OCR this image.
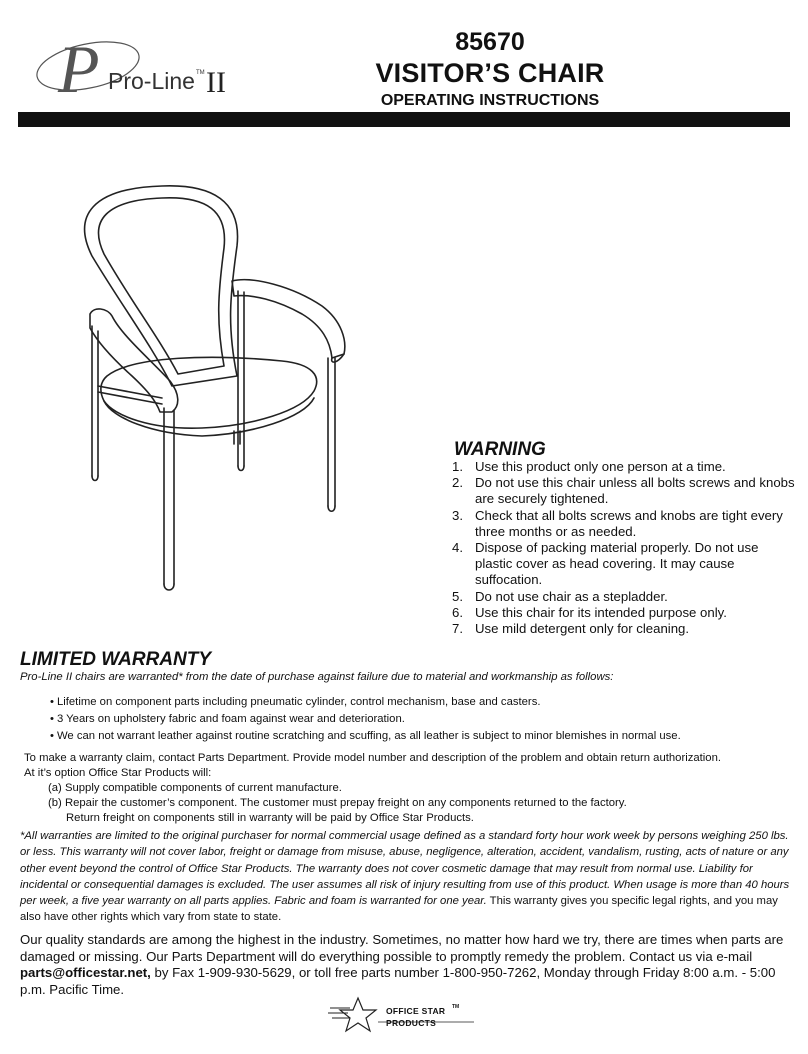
P Pro-Line TM II
85670
VISITOR’S CHAIR
OPERATING INSTRUCTIONS
WARNING
1. Use this product only one person at a time.
2. Do not use this chair unless all bolts screws and knobs are securely tightened.
3. Check that all bolts screws and knobs are tight every three months or as needed.
4. Dispose of packing material properly. Do not use plastic cover as head covering. It may cause suffocation.
5. Do not use chair as a stepladder.
6. Use this chair for its intended purpose only.
7. Use mild detergent only for cleaning.
LIMITED WARRANTY
Pro-Line II chairs are warranted* from the date of purchase against failure due to material and workmanship as follows:
• Lifetime on component parts including pneumatic cylinder, control mechanism, base and casters.
• 3 Years on upholstery fabric and foam against wear and deterioration.
• We can not warrant leather against routine scratching and scuffing, as all leather is subject to minor blemishes in normal use.
To make a warranty claim, contact Parts Department. Provide model number and description of the problem and obtain return authorization.
At it’s option Office Star Products will:
(a) Supply compatible components of current manufacture.
(b) Repair the customer’s component. The customer must prepay freight on any components returned to the factory.
Return freight on components still in warranty will be paid by Office Star Products.
*All warranties are limited to the original purchaser for normal commercial usage defined as a standard forty hour work week by persons weighing 250 lbs. or less. This warranty will not cover labor, freight or damage from misuse, abuse, negligence, alteration, accident, vandalism, rusting, acts of nature or any other event beyond the control of Office Star Products. The warranty does not cover cosmetic damage that may result from normal use. Liability for incidental or consequential damages is excluded. The user assumes all risk of injury resulting from use of this product. When usage is more than 40 hours per week, a five year warranty on all parts applies. Fabric and foam is warranted for one year. This warranty gives you specific legal rights, and you may also have other rights which vary from state to state.
Our quality standards are among the highest in the industry. Sometimes, no matter how hard we try, there are times when parts are damaged or missing. Our Parts Department will do everything possible to promptly remedy the problem. Contact us via e-mail parts@officestar.net, by Fax 1-909-930-5629, or toll free parts number 1-800-950-7262, Monday through Friday 8:00 a.m. - 5:00 p.m. Pacific Time.
OFFICE STAR TM
PRODUCTS
